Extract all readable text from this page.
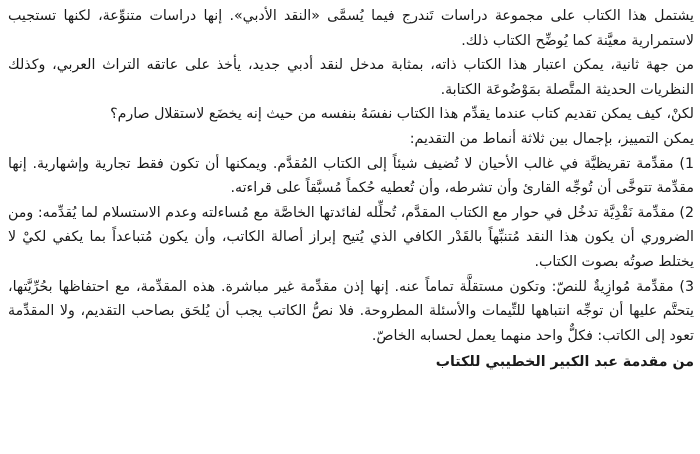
يشتمل هذا الكتاب على مجموعة دراسات تَندرج فيما يُسمَّى «النقد الأدبي». إنها دراسات متنوِّعة، لكنها تستجيب لاستمرارية معيَّنة كما يُوضِّح الكتاب ذلك.

من جهة ثانية، يمكن اعتبار هذا الكتاب ذاته، بمثابة مدخل لنقد أدبي جديد، يأخذ على عاتقه التراث العربي، وكذلك النظريات الحديثة المتَّصلة بمَوْضُوعَة الكتابة.

لكنْ، كيف يمكن تقديم كتاب عندما يقدِّم هذا الكتاب نفسَهُ بنفسه من حيث إنه يخضَع لاستقلال صارم؟

يمكن التمييز، بإجمال بين ثلاثة أنماط من التقديم:

1) مقدِّمة تقريظيَّة في غالب الأحيان لا تُضيف شيئاً إلى الكتاب المُقدَّم. ويمكنها أن تكون فقط تجارية وإشهارية. إنها مقدِّمة تتوخَّى أن تُوجِّه القارئ وأن تشرطه، وأن تُعطيه حُكماً مُسبَّقاً على قراءته.

2) مقدِّمة نَقْدِيَّة تدخُل في حوار مع الكتاب المقدَّم، تُحلِّله لفائدتها الخاصَّة مع مُساءلته وعدم الاستسلام لما يُقدِّمه: ومن الضروري أن يكون هذا النقد مُتنبِّهاً بالقَدْر الكافي الذي يُتيح إبراز أصالة الكاتب، وأن يكون مُتباعداً بما يكفي لكيْ لا يختلط صوتُه بصوت الكتاب.

3) مقدِّمة مُوازِيةٌ للنصّ: وتكون مستقلَّة تماماً عنه. إنها إذن مقدِّمة غير مباشرة. هذه المقدِّمة، مع احتفاظها بحُرِّيَّتها، يتحتَّم عليها أن توجِّه انتباهها للتِّيمات والأسئلة المطروحة. فلا نصُّ الكاتب يجب أن يُلحَق بصاحب التقديم، ولا المقدِّمة تعود إلى الكاتب: فكلٌّ واحد منهما يعمل لحسابه الخاصّ.

من مقدمة عبد الكبير الخطيبي للكتاب
